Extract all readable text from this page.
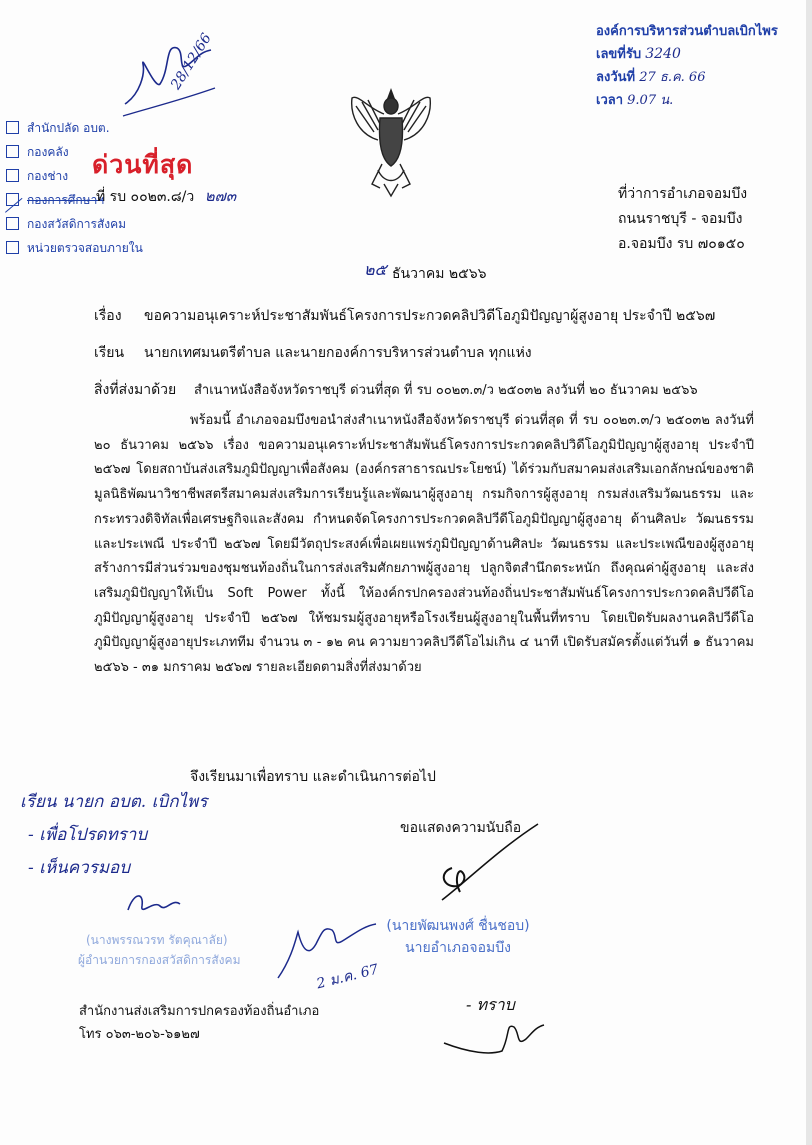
องค์การบริหารส่วนตำบลเบิกไพร
เลขที่รับ 3240
ลงวันที่ 27 ธ.ค. 66
เวลา 9.07 น.
28/12/66
สำนักปลัด อบต.
กองคลัง
กองช่าง
กองการศึกษาฯ
กองสวัสดิการสังคม
หน่วยตรวจสอบภายใน
ด่วนที่สุด
ที่ รบ ๐๐๒๓.๘/ว ๒๗๓	ที่ว่าการอำเภอจอมบึง
ถนนราชบุรี - จอมบึง
อ.จอมบึง รบ ๗๐๑๕๐
๒๕ ธันวาคม ๒๕๖๖
เรื่อง ขอความอนุเคราะห์ประชาสัมพันธ์โครงการประกวดคลิปวิดีโอภูมิปัญญาผู้สูงอายุ ประจำปี ๒๕๖๗
เรียน นายกเทศมนตรีตำบล และนายกองค์การบริหารส่วนตำบล ทุกแห่ง
สิ่งที่ส่งมาด้วย สำเนาหนังสือจังหวัดราชบุรี ด่วนที่สุด ที่ รบ ๐๐๒๓.๓/ว ๒๕๐๓๒ ลงวันที่ ๒๐ ธันวาคม ๒๕๖๖
พร้อมนี้ อำเภอจอมบึงขอนำส่งสำเนาหนังสือจังหวัดราชบุรี ด่วนที่สุด ที่ รบ ๐๐๒๓.๓/ว ๒๕๐๓๒ ลงวันที่ ๒๐ ธันวาคม ๒๕๖๖ เรื่อง ขอความอนุเคราะห์ประชาสัมพันธ์โครงการประกวดคลิปวิดีโอภูมิปัญญาผู้สูงอายุ ประจำปี ๒๕๖๗ โดยสถาบันส่งเสริมภูมิปัญญาเพื่อสังคม (องค์กรสาธารณประโยชน์) ได้ร่วมกับสมาคมส่งเสริมเอกลักษณ์ของชาติ มูลนิธิพัฒนาวิชาชีพสตรีสมาคมส่งเสริมการเรียนรู้และพัฒนาผู้สูงอายุ กรมกิจการผู้สูงอายุ กรมส่งเสริมวัฒนธรรม และกระทรวงดิจิทัลเพื่อเศรษฐกิจและสังคม กำหนดจัดโครงการประกวดคลิปวีดีโอภูมิปัญญาผู้สูงอายุ ด้านศิลปะ วัฒนธรรมและประเพณี ประจำปี ๒๕๖๗ โดยมีวัตถุประสงค์เพื่อเผยแพร่ภูมิปัญญาด้านศิลปะ วัฒนธรรม และประเพณีของผู้สูงอายุ สร้างการมีส่วนร่วมของชุมชนท้องถิ่นในการส่งเสริมศักยภาพผู้สูงอายุ ปลูกจิตสำนึกตระหนัก ถึงคุณค่าผู้สูงอายุ และส่งเสริมภูมิปัญญาให้เป็น Soft Power ทั้งนี้ ให้องค์กรปกครองส่วนท้องถิ่นประชาสัมพันธ์โครงการประกวดคลิปวีดีโอภูมิปัญญาผู้สูงอายุ ประจำปี ๒๕๖๗ ให้ชมรมผู้สูงอายุหรือโรงเรียนผู้สูงอายุในพื้นที่ทราบ โดยเปิดรับผลงานคลิปวีดีโอภูมิปัญญาผู้สูงอายุประเภททีม จำนวน ๓ - ๑๒ คน ความยาวคลิปวีดีโอไม่เกิน ๔ นาที เปิดรับสมัครตั้งแต่วันที่ ๑ ธันวาคม ๒๕๖๖ - ๓๑ มกราคม ๒๕๖๗ รายละเอียดตามสิ่งที่ส่งมาด้วย
จึงเรียนมาเพื่อทราบ และดำเนินการต่อไป
เรียน นายก อบต. เบิกไพร
- เพื่อโปรดทราบ
- เห็นควรมอบ
ขอแสดงความนับถือ
(นายพัฒนพงศ์ ชื่นชอบ)
นายอำเภอจอมบึง
(นางพรรณวรท รัตคุณาลัย)
ผู้อำนวยการกองสวัสดิการสังคม
2 ม.ค. 67
- ทราบ
สำนักงานส่งเสริมการปกครองท้องถิ่นอำเภอ
โทร ๐๖๓-๒๐๖-๖๑๒๗
